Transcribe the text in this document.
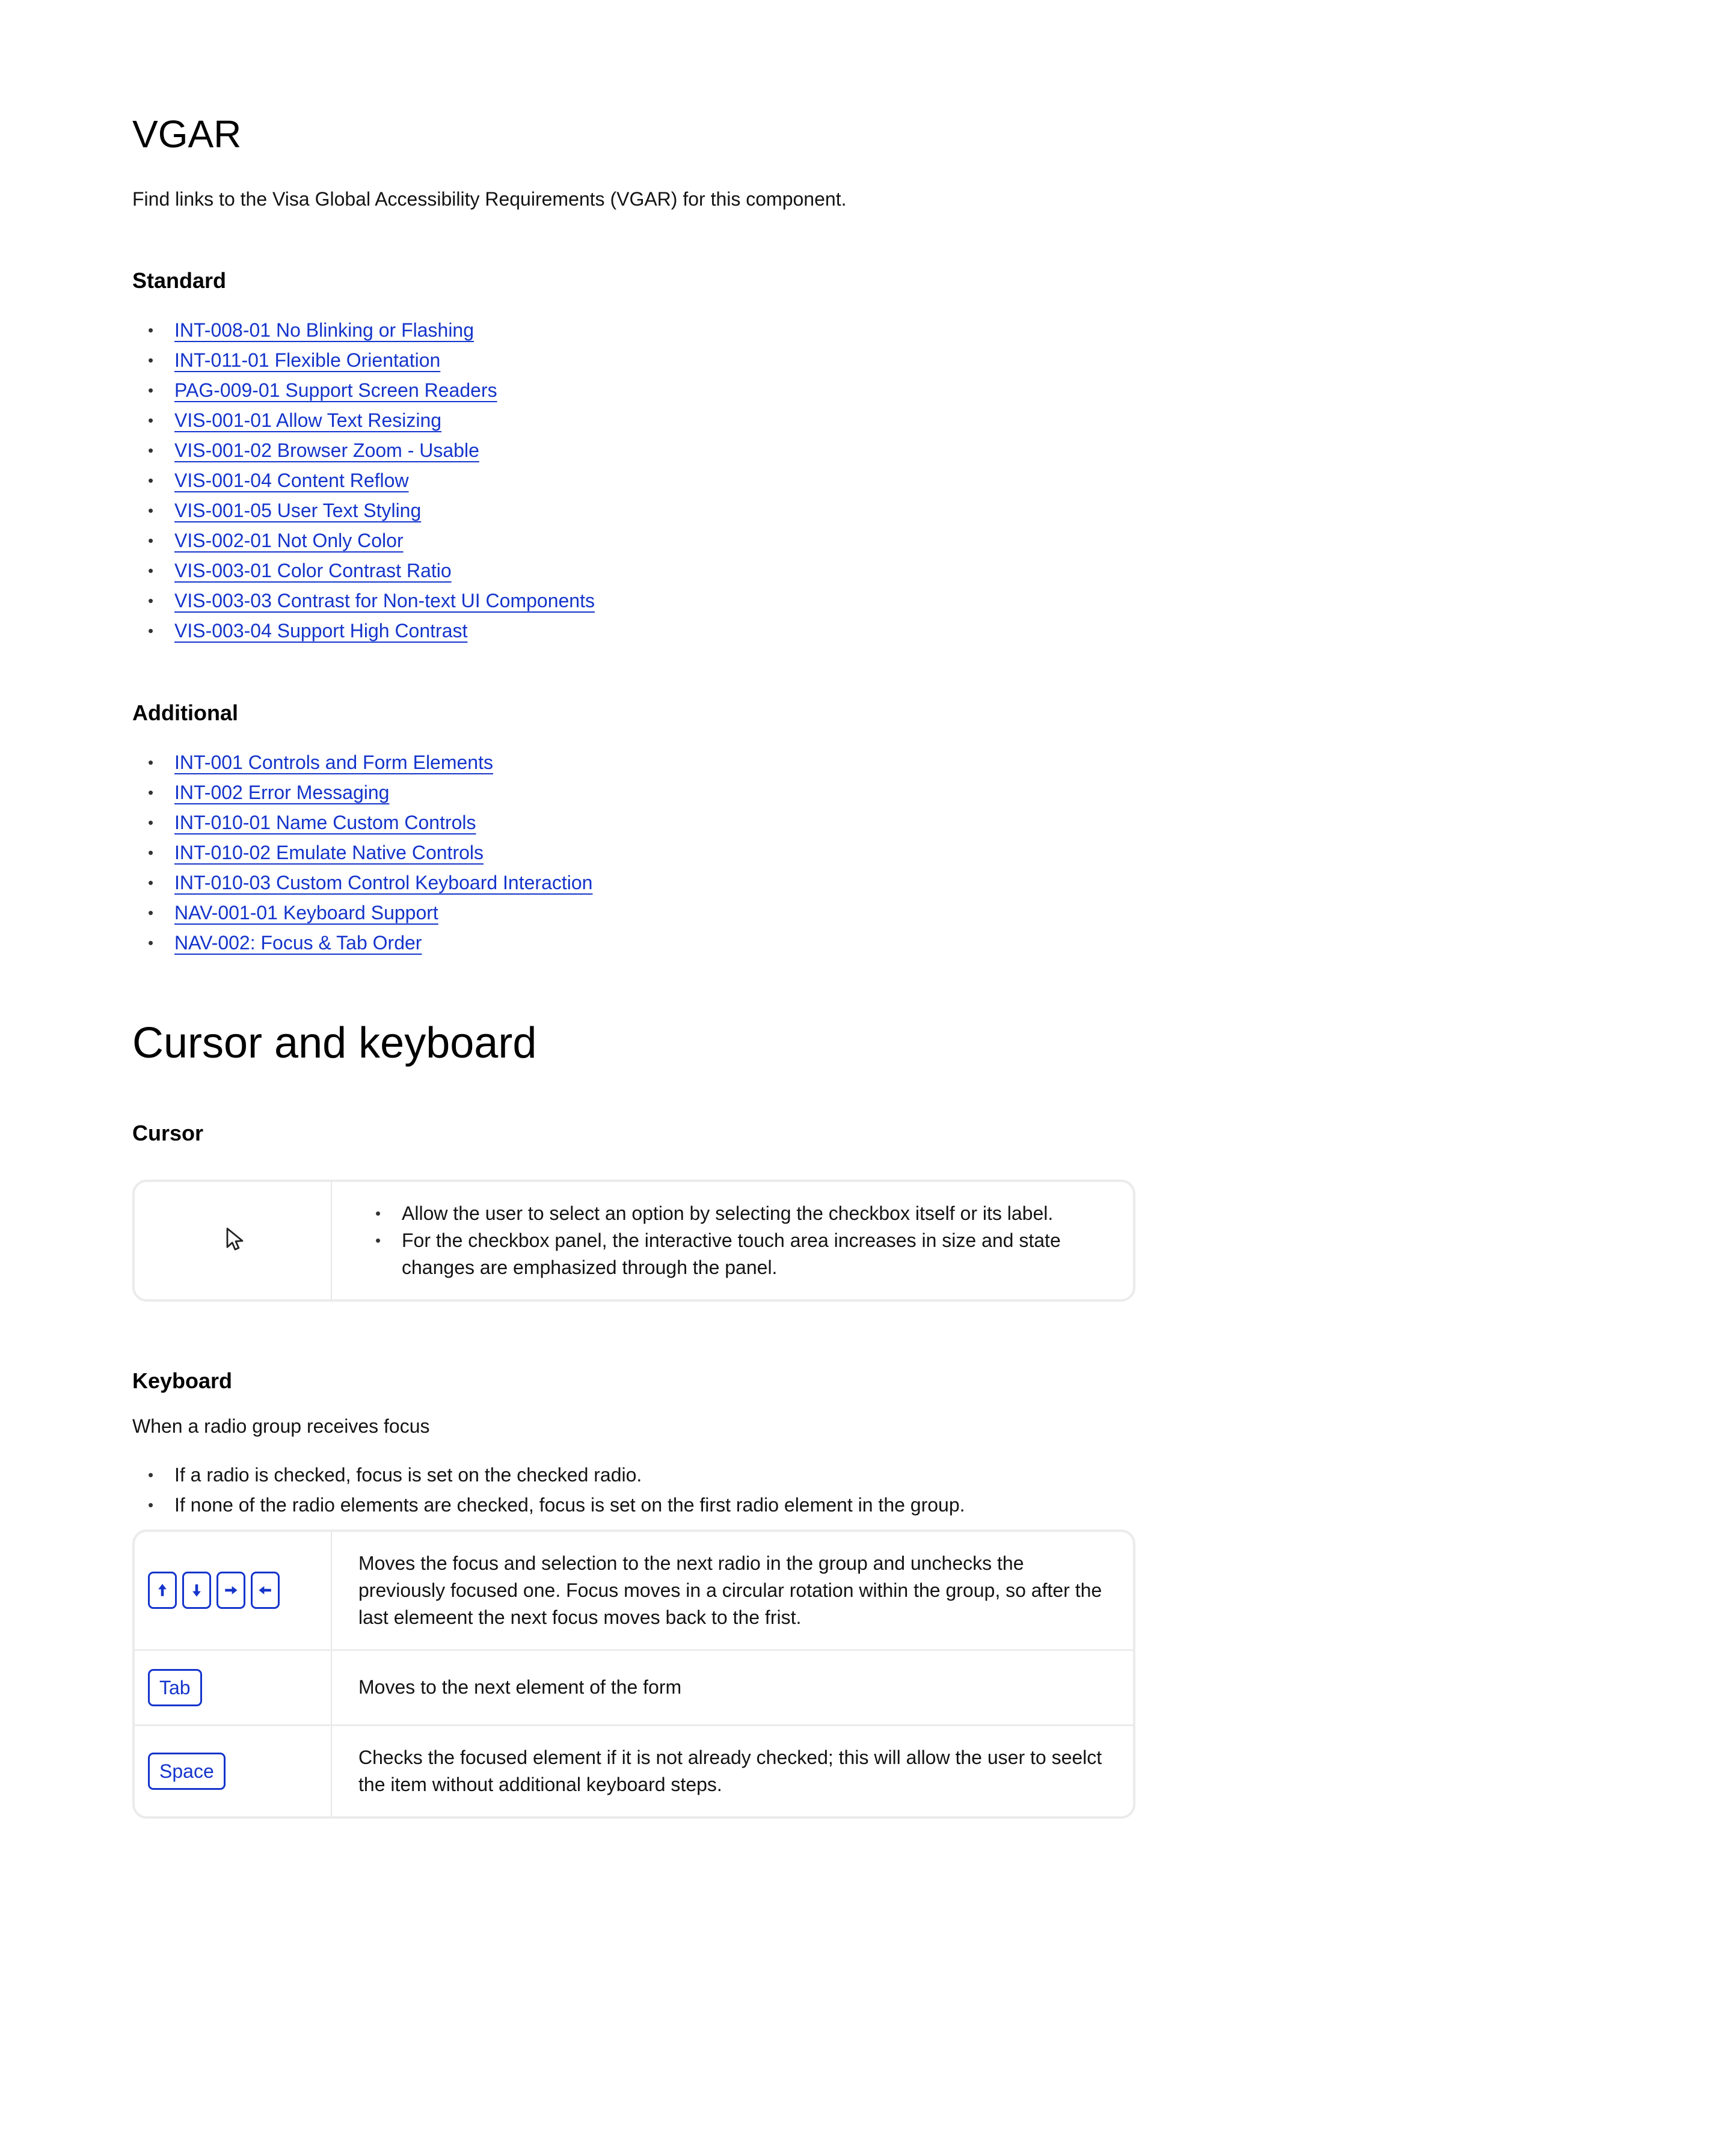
VGAR

Find links to the Visa Global Accessibility Requirements (VGAR) for this component.

Standard
• INT-008-01 No Blinking or Flashing
• INT-011-01 Flexible Orientation
• PAG-009-01 Support Screen Readers
• VIS-001-01 Allow Text Resizing
• VIS-001-02 Browser Zoom - Usable
• VIS-001-04 Content Reflow
• VIS-001-05 User Text Styling
• VIS-002-01 Not Only Color
• VIS-003-01 Color Contrast Ratio
• VIS-003-03 Contrast for Non-text UI Components
• VIS-003-04 Support High Contrast
Additional
• INT-001 Controls and Form Elements
• INT-002 Error Messaging
• INT-010-01 Name Custom Controls
• INT-010-02 Emulate Native Controls
• INT-010-03 Custom Control Keyboard Interaction
• NAV-001-01 Keyboard Support
• NAV-002: Focus & Tab Order
Cursor and keyboard
Cursor
• Allow the user to select an option by selecting the checkbox itself or its label.
• For the checkbox panel, the interactive touch area increases in size and state changes are emphasized through the panel.
Keyboard

When a radio group receives focus

• If a radio is checked, focus is set on the checked radio.
• If none of the radio elements are checked, focus is set on the first radio element in the group.
Moves the focus and selection to the next radio in the group and unchecks the previously focused one. Focus moves in a circular rotation within the group, so after the last elemeent the next focus moves back to the frist.
Tab	Moves to the next element of the form
Space
Checks the focused element if it is not already checked; this will allow the user to seelct the item without additional keyboard steps.
